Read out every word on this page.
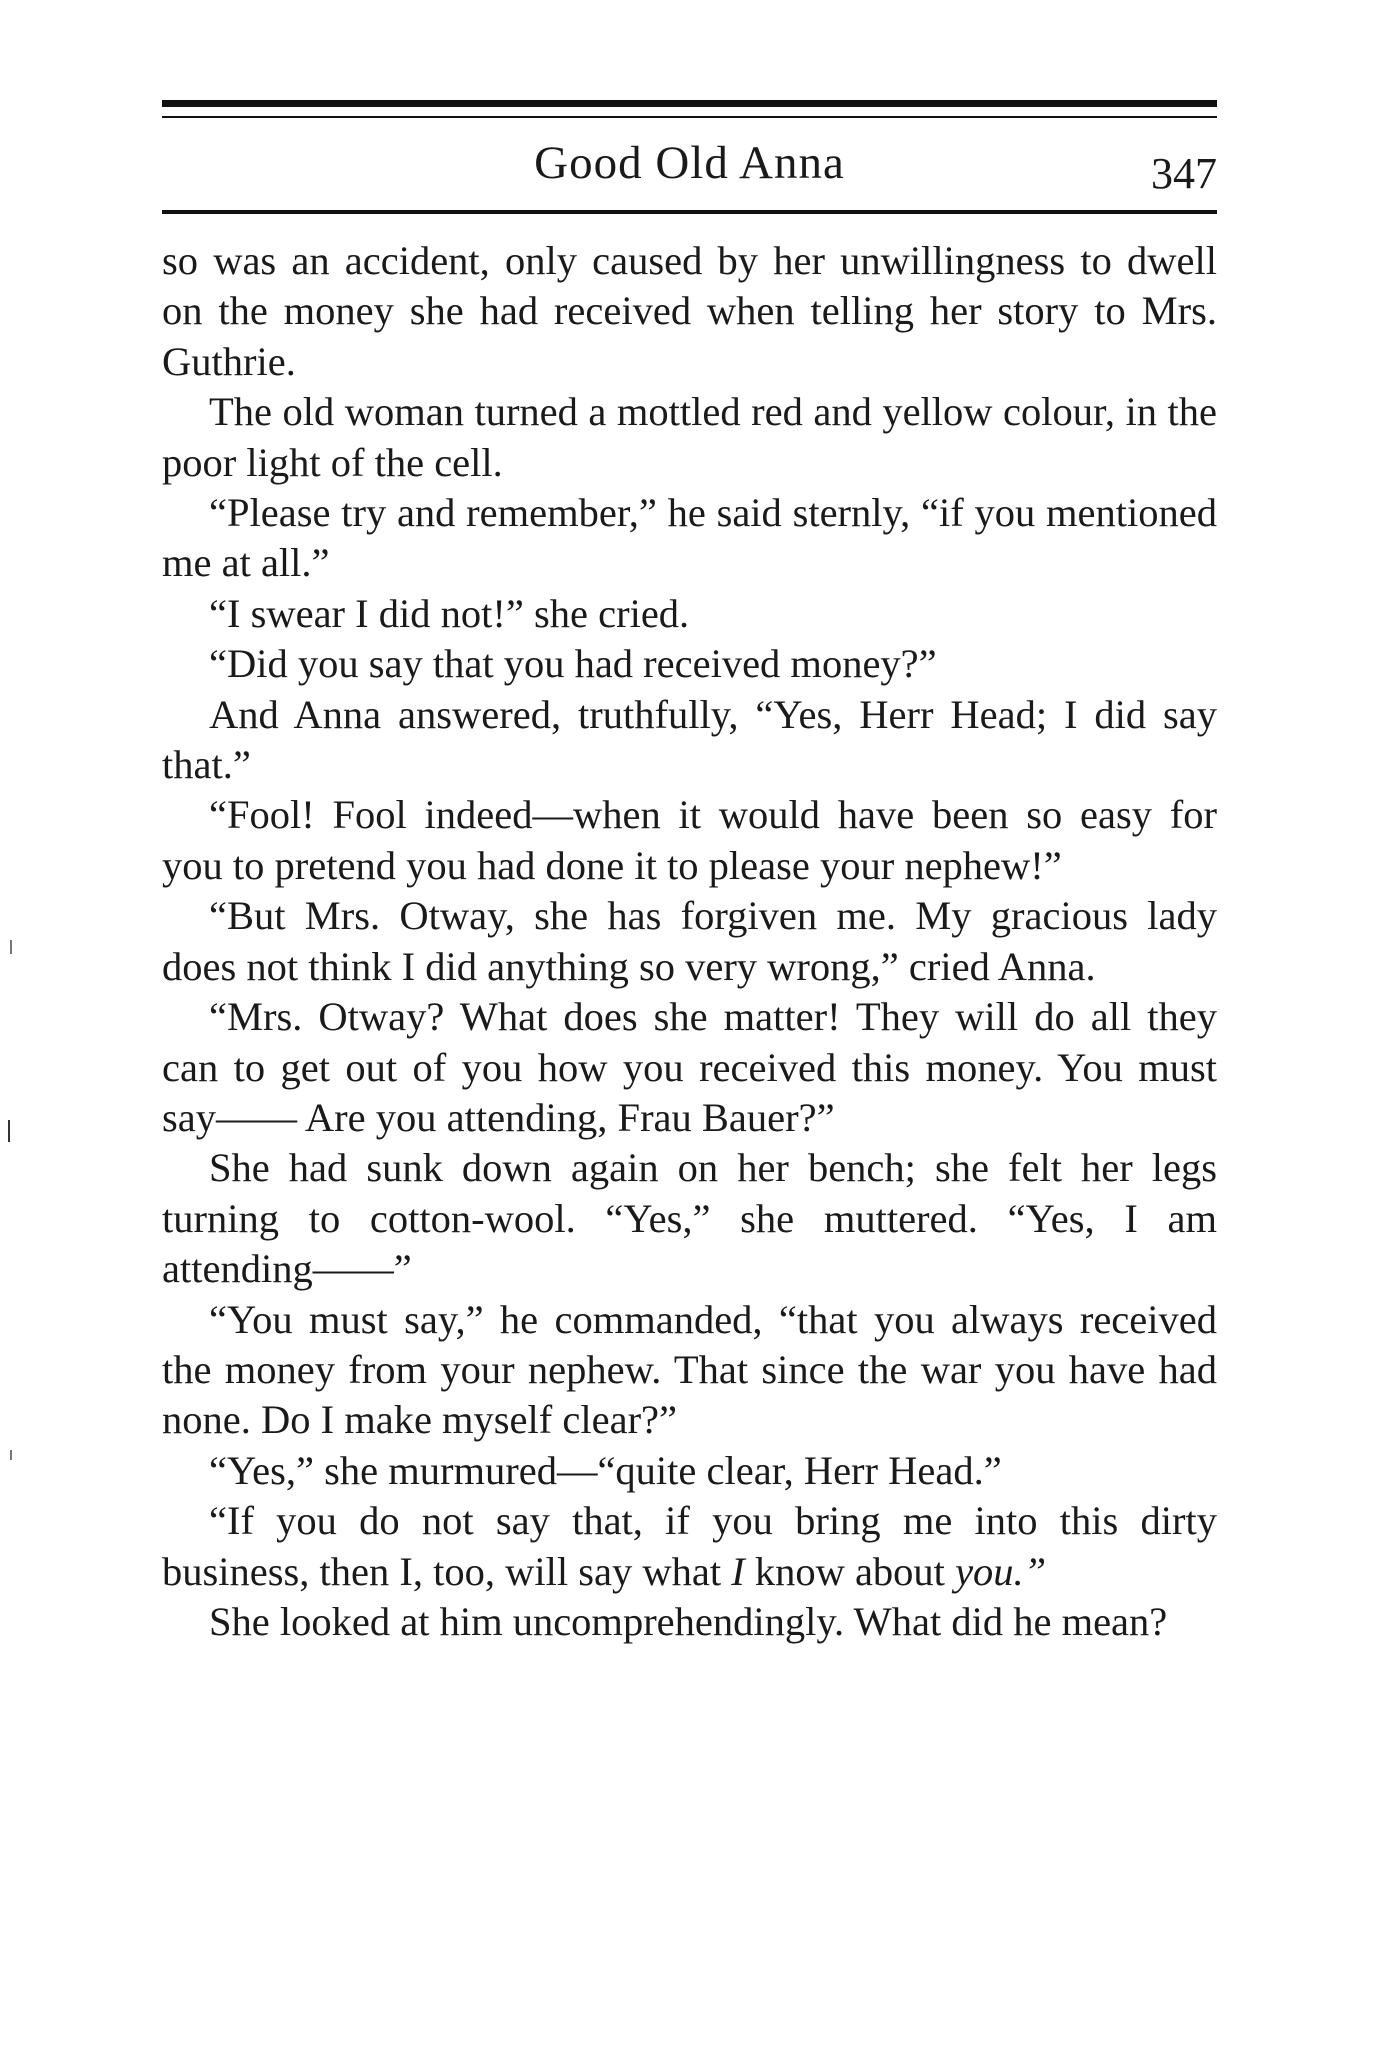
Good Old Anna	347

so was an accident, only caused by her unwillingness to dwell on the money she had received when telling her story to Mrs. Guthrie.

The old woman turned a mottled red and yellow colour, in the poor light of the cell.

“Please try and remember,” he said sternly, “if you mentioned me at all.”

“I swear I did not!” she cried.

“Did you say that you had received money?”

And Anna answered, truthfully, “Yes, Herr Head; I did say that.”

“Fool! Fool indeed—when it would have been so easy for you to pretend you had done it to please your nephew!”

“But Mrs. Otway, she has forgiven me. My gracious lady does not think I did anything so very wrong,” cried Anna.

“Mrs. Otway? What does she matter! They will do all they can to get out of you how you received this money. You must say—— Are you attending, Frau Bauer?”

She had sunk down again on her bench; she felt her legs turning to cotton-wool. “Yes,” she muttered. “Yes, I am attending——”

“You must say,” he commanded, “that you always received the money from your nephew. That since the war you have had none. Do I make myself clear?”

“Yes,” she murmured—“quite clear, Herr Head.”

“If you do not say that, if you bring me into this dirty business, then I, too, will say what I know about you.”

She looked at him uncomprehendingly. What did he mean?
